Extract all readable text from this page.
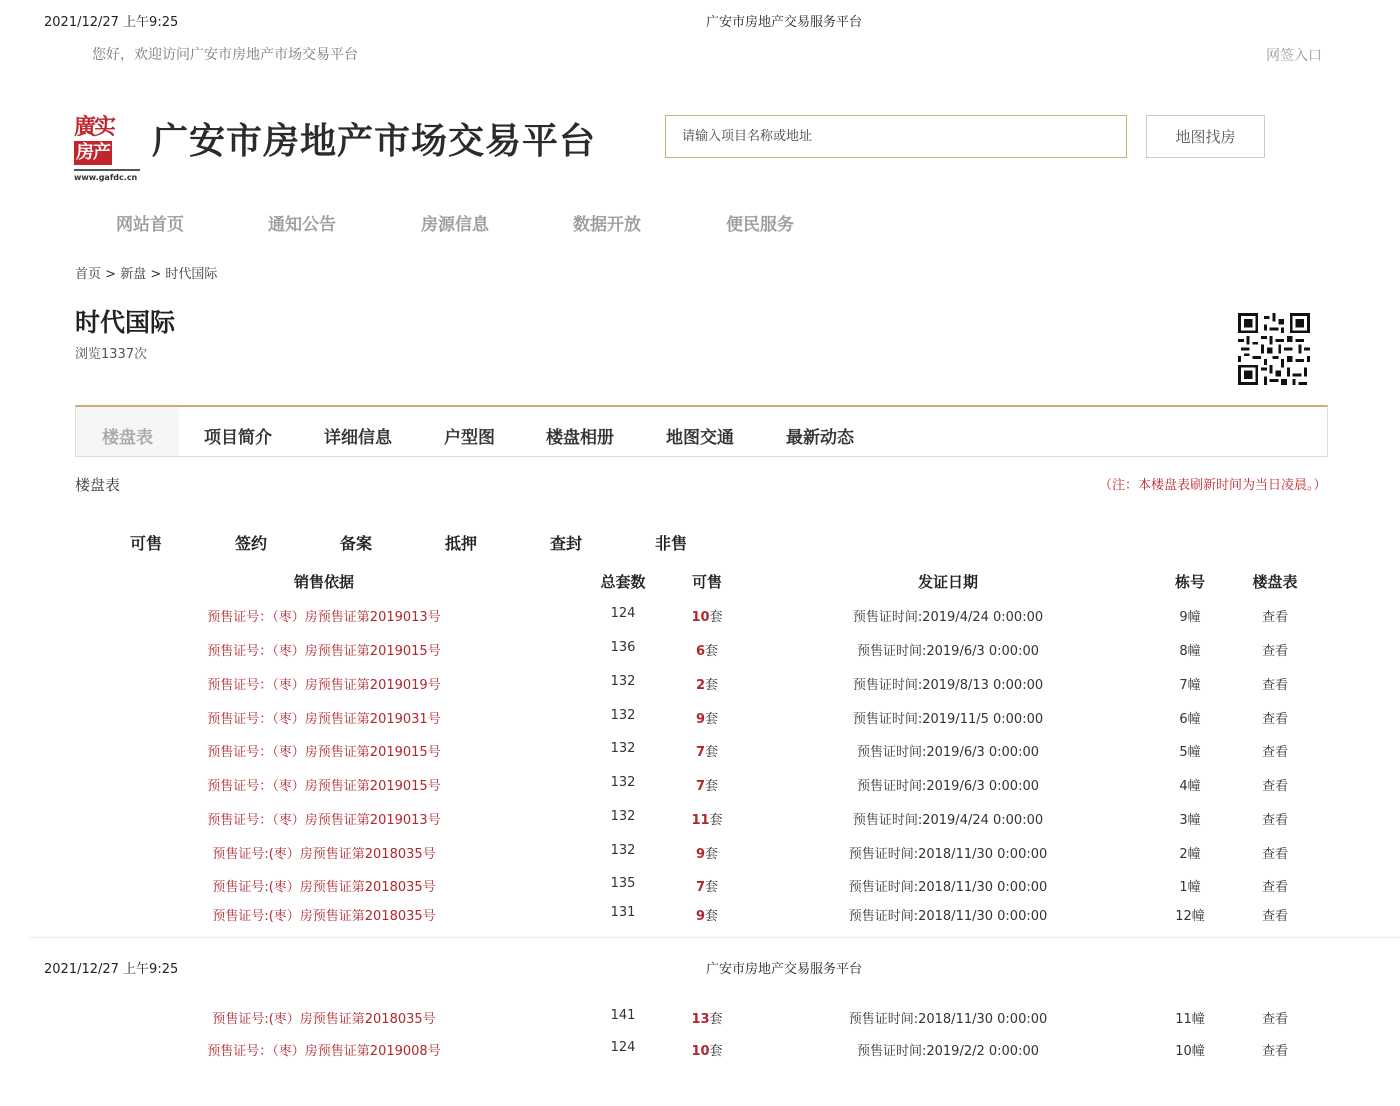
2021/12/27 上午9:25	广安市房地产交易服务平台
您好，欢迎访问广安市房地产市场交易平台	网签入口
廣实房产
www.gafdc.cn
广安市房地产市场交易平台
请输入项目名称或地址	地图找房
网站首页	通知公告	房源信息	数据开放	便民服务
首页 > 新盘 > 时代国际
时代国际
浏览1337次
楼盘表	项目简介	详细信息	户型图	楼盘相册	地图交通	最新动态
楼盘表	（注：本楼盘表刷新时间为当日凌晨。）
可售	签约	备案	抵押	查封	非售
销售依据	总套数	可售	发证日期	栋号	楼盘表
预售证号：（枣）房预售证第2019013号	124	10套	预售证时间:2019/4/24 0:00:00	9幢	查看
预售证号：（枣）房预售证第2019015号	136	6套	预售证时间:2019/6/3 0:00:00	8幢	查看
预售证号：（枣）房预售证第2019019号	132	2套	预售证时间:2019/8/13 0:00:00	7幢	查看
预售证号：（枣）房预售证第2019031号	132	9套	预售证时间:2019/11/5 0:00:00	6幢	查看
预售证号：（枣）房预售证第2019015号	132	7套	预售证时间:2019/6/3 0:00:00	5幢	查看
预售证号：（枣）房预售证第2019015号	132	7套	预售证时间:2019/6/3 0:00:00	4幢	查看
预售证号：（枣）房预售证第2019013号	132	11套	预售证时间:2019/4/24 0:00:00	3幢	查看
预售证号:(枣）房预售证第2018035号	132	9套	预售证时间:2018/11/30 0:00:00	2幢	查看
预售证号:(枣）房预售证第2018035号	135	7套	预售证时间:2018/11/30 0:00:00	1幢	查看
预售证号:(枣）房预售证第2018035号	131	9套	预售证时间:2018/11/30 0:00:00	12幢	查看
预售证号:(枣）房预售证第2018035号	141	13套	预售证时间:2018/11/30 0:00:00	11幢	查看
预售证号：（枣）房预售证第2019008号	124	10套	预售证时间:2019/2/2 0:00:00	10幢	查看
2021/12/27 上午9:25	广安市房地产交易服务平台
